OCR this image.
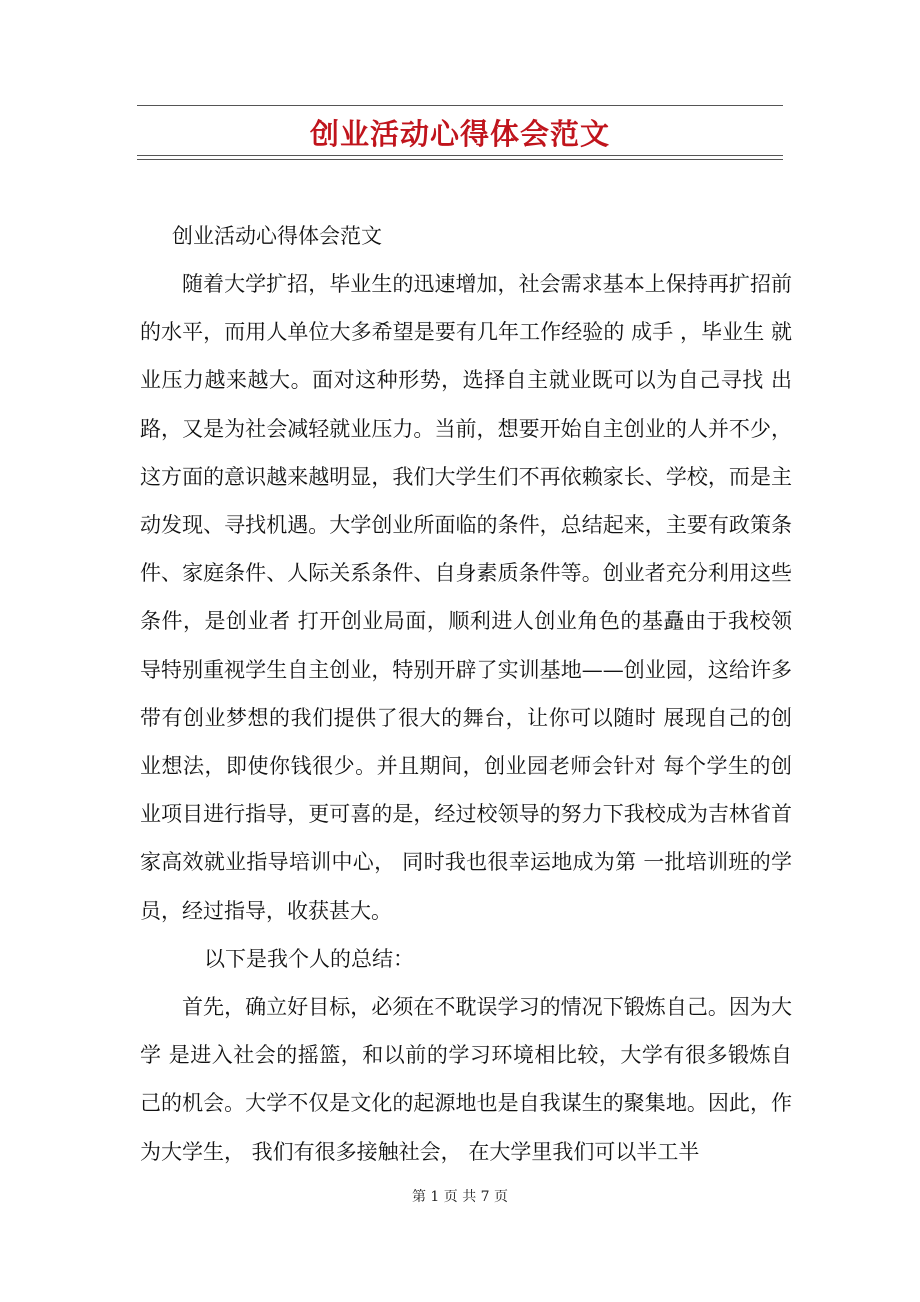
创业活动心得体会范文
创业活动心得体会范文

随着大学扩招，毕业生的迅速增加，社会需求基本上保持再扩招前的水平，而用人单位大多希望是要有几年工作经验的 成手 ，毕业生 就业压力越来越大。面对这种形势，选择自主就业既可以为自己寻找 出路，又是为社会减轻就业压力。当前，想要开始自主创业的人并不少，这方面的意识越来越明显，我们大学生们不再依赖家长、学校，而是主动发现、寻找机遇。大学创业所面临的条件，总结起来，主要有政策条件、家庭条件、人际关系条件、自身素质条件等。创业者充分利用这些条件，是创业者 打开创业局面，顺利进人创业角色的基矗由于我校领导特别重视学生自主创业，特别开辟了实训基地——创业园，这给许多带有创业梦想的我们提供了很大的舞台，让你可以随时 展现自己的创业想法，即使你钱很少。并且期间，创业园老师会针对 每个学生的创业项目进行指导，更可喜的是，经过校领导的努力下我校成为吉林省首家高效就业指导培训中心， 同时我也很幸运地成为第 一批培训班的学员，经过指导，收获甚大。

以下是我个人的总结：

首先，确立好目标，必须在不耽误学习的情况下锻炼自己。因为大学 是进入社会的摇篮，和以前的学习环境相比较，大学有很多锻炼自己的机会。大学不仅是文化的起源地也是自我谋生的聚集地。因此，作为大学生， 我们有很多接触社会， 在大学里我们可以半工半

第 1 页 共 7 页
